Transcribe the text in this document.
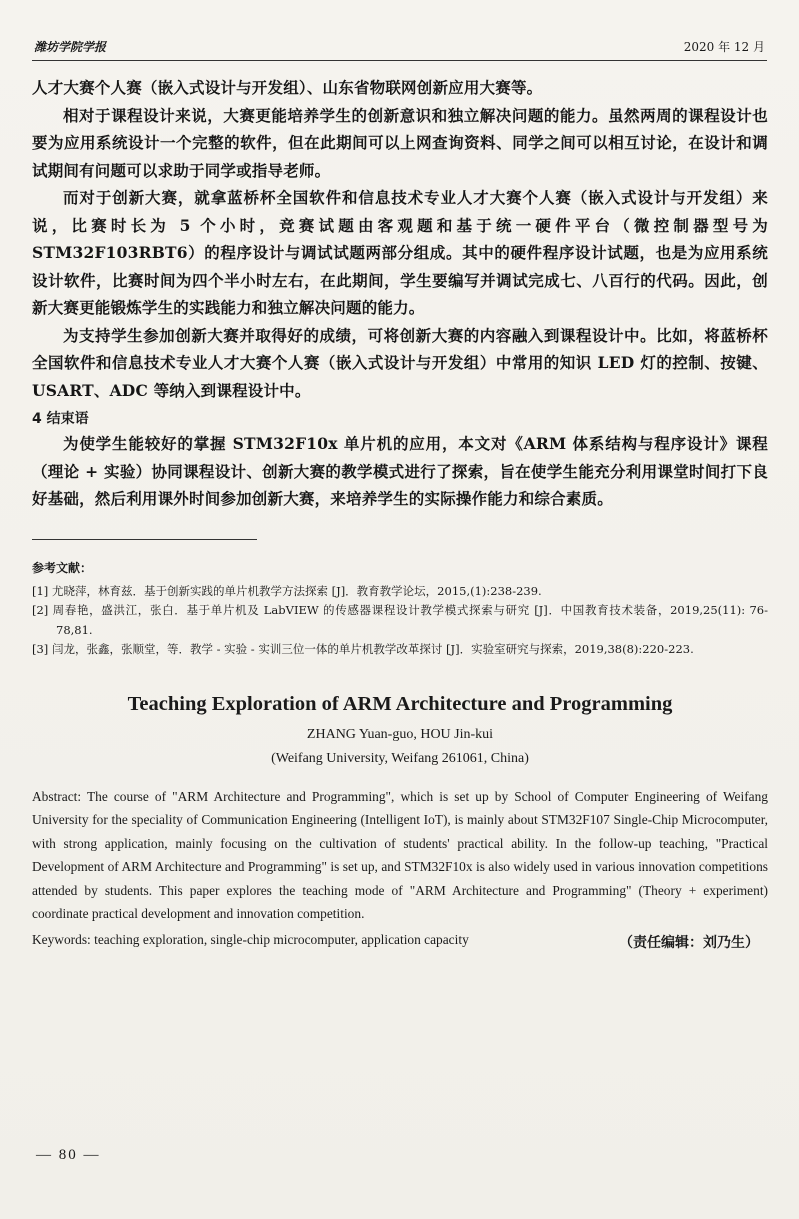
潍坊学院学报	2020 年 12 月

人才大赛个人赛（嵌入式设计与开发组）、山东省物联网创新应用大赛等。

相对于课程设计来说，大赛更能培养学生的创新意识和独立解决问题的能力。虽然两周的课程设计也要为应用系统设计一个完整的软件，但在此期间可以上网查询资料、同学之间可以相互讨论，在设计和调试期间有问题可以求助于同学或指导老师。

而对于创新大赛，就拿蓝桥杯全国软件和信息技术专业人才大赛个人赛（嵌入式设计与开发组）来说，比赛时长为 5 个小时，竞赛试题由客观题和基于统一硬件平台（微控制器型号为 STM32F103RBT6）的程序设计与调试试题两部分组成。其中的硬件程序设计试题，也是为应用系统设计软件，比赛时间为四个半小时左右，在此期间，学生要编写并调试完成七、八百行的代码。因此，创新大赛更能锻炼学生的实践能力和独立解决问题的能力。

为支持学生参加创新大赛并取得好的成绩，可将创新大赛的内容融入到课程设计中。比如，将蓝桥杯全国软件和信息技术专业人才大赛个人赛（嵌入式设计与开发组）中常用的知识 LED 灯的控制、按键、USART、ADC 等纳入到课程设计中。

4 结束语

为使学生能较好的掌握 STM32F10x 单片机的应用，本文对《ARM 体系结构与程序设计》课程（理论 + 实验）协同课程设计、创新大赛的教学模式进行了探索，旨在使学生能充分利用课堂时间打下良好基础，然后利用课外时间参加创新大赛，来培养学生的实际操作能力和综合素质。

参考文献：

[1] 尤晓萍，林育兹．基于创新实践的单片机教学方法探索 [J]．教育教学论坛，2015,(1):238-239.

[2] 周春艳，盛洪江，张白．基于单片机及 LabVIEW 的传感器课程设计教学模式探索与研究 [J]．中国教育技术装备，2019,25(11): 76-78,81.

[3] 闫龙，张鑫，张顺堂，等．教学 - 实验 - 实训三位一体的单片机教学改革探讨 [J]．实验室研究与探索，2019,38(8):220-223.

Teaching Exploration of ARM Architecture and Programming
ZHANG Yuan-guo, HOU Jin-kui
(Weifang University, Weifang 261061, China)

Abstract: The course of "ARM Architecture and Programming", which is set up by School of Computer Engineering of Weifang University for the speciality of Communication Engineering (Intelligent IoT), is mainly about STM32F107 Single-Chip Microcomputer, with strong application, mainly focusing on the cultivation of students' practical ability. In the follow-up teaching, "Practical Development of ARM Architecture and Programming" is set up, and STM32F10x is also widely used in various innovation competitions attended by students. This paper explores the teaching mode of "ARM Architecture and Programming" (Theory + experiment) coordinate practical development and innovation competition.

Keywords: teaching exploration, single-chip microcomputer, application capacity	（责任编辑：刘乃生）
— 80 —
